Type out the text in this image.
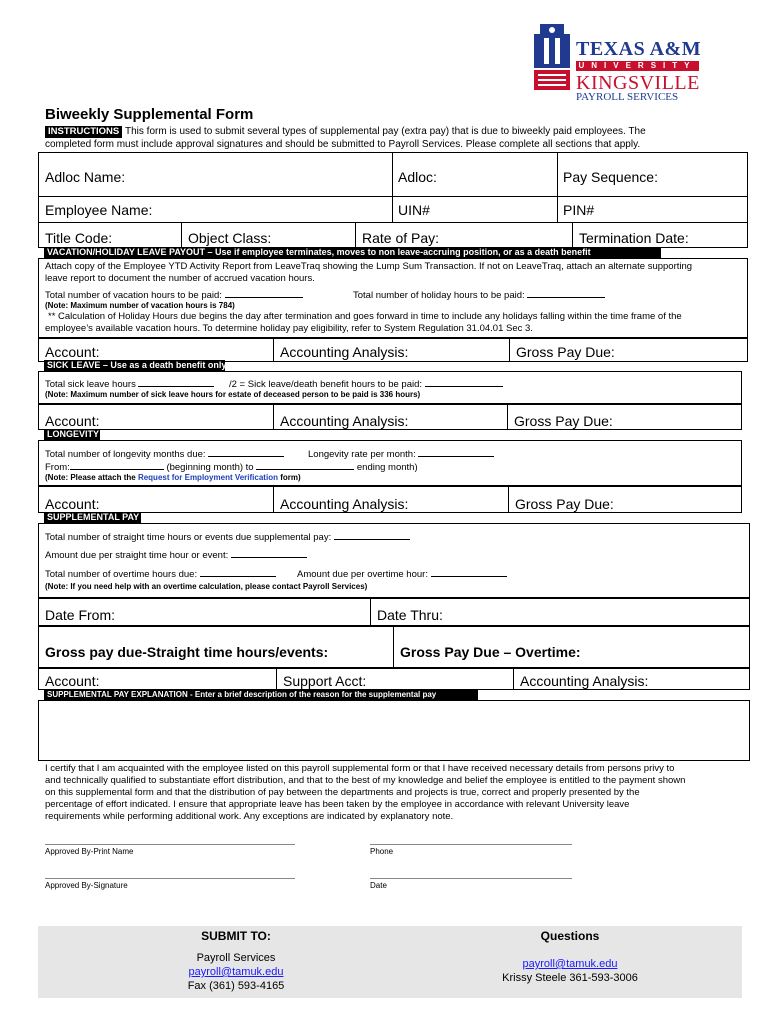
TEXAS A&M
UNIVERSITY
KINGSVILLE
PAYROLL SERVICES
Biweekly Supplemental Form
INSTRUCTIONS This form is used to submit several types of supplemental pay (extra pay) that is due to biweekly paid employees. The
completed form must include approval signatures and should be submitted to Payroll Services. Please complete all sections that apply.
Adloc Name:	Adloc:	Pay Sequence:
Employee Name:	UIN#	PIN#
Title Code:	Object Class:	Rate of Pay:	Termination Date:
VACATION/HOLIDAY LEAVE PAYOUT – Use if employee terminates, moves to non leave-accruing position, or as a death benefit
Attach copy of the Employee YTD Activity Report from LeaveTraq showing the Lump Sum Transaction. If not on LeaveTraq, attach an alternate supporting
leave report to document the number of accrued vacation hours.
Total number of vacation hours to be paid:	Total number of holiday hours to be paid:
(Note: Maximum number of vacation hours is 784)
** Calculation of Holiday Hours due begins the day after termination and goes forward in time to include any holidays falling within the time frame of the
employee’s available vacation hours. To determine holiday pay eligibility, refer to System Regulation 31.04.01 Sec 3.
Account:	Accounting Analysis:	Gross Pay Due:
SICK LEAVE – Use as a death benefit only
Total sick leave hours	/2 = Sick leave/death benefit hours to be paid:
(Note: Maximum number of sick leave hours for estate of deceased person to be paid is 336 hours)
Account:	Accounting Analysis:	Gross Pay Due:
LONGEVITY
Total number of longevity months due:	Longevity rate per month:
From:	(beginning month) to	ending month)
(Note: Please attach the Request for Employment Verification form)
Account:	Accounting Analysis:	Gross Pay Due:
SUPPLEMENTAL PAY
Total number of straight time hours or events due supplemental pay:
Amount due per straight time hour or event:
Total number of overtime hours due:	Amount due per overtime hour:
(Note: If you need help with an overtime calculation, please contact Payroll Services)
Date From:	Date Thru:
Gross pay due-Straight time hours/events:	Gross Pay Due – Overtime:
Account:	Support Acct:	Accounting Analysis:
SUPPLEMENTAL PAY EXPLANATION - Enter a brief description of the reason for the supplemental pay
I certify that I am acquainted with the employee listed on this payroll supplemental form or that I have received necessary details from persons privy to
and technically qualified to substantiate effort distribution, and that to the best of my knowledge and belief the employee is entitled to the payment shown
on this supplemental form and that the distribution of pay between the departments and projects is true, correct and properly presented by the
percentage of effort indicated. I ensure that appropriate leave has been taken by the employee in accordance with relevant University leave
requirements while performing additional work. Any exceptions are indicated by explanatory note.
Approved By-Print Name	Phone
Approved By-Signature	Date
SUBMIT TO:
Payroll Services
payroll@tamuk.edu
Fax (361) 593-4165
Questions
payroll@tamuk.edu
Krissy Steele 361-593-3006
